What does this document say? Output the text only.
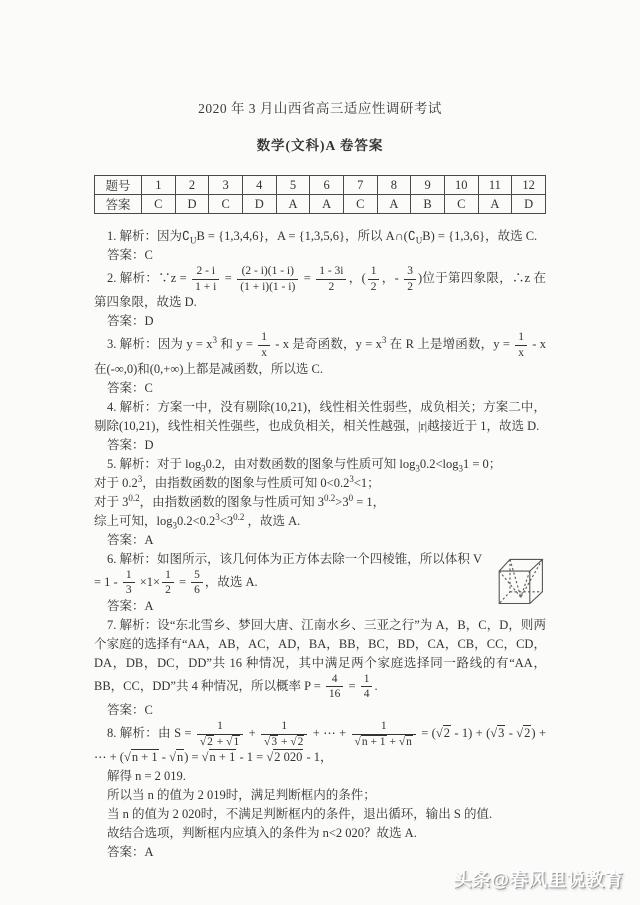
2020 年 3 月山西省高三适应性调研考试
数学(文科)A 卷答案
题号	1	2	3	4	5	6	7	8	9	10	11	12
答案	C	D	C	D	A	A	C	A	B	C	A	D
1. 解析：因为$∁_UB = \{1,3,4,6\}$，A = {1,3,5,6}，所以 $A\cap(∁_UB) = \{1,3,6\}$，故选 C.
答案：C
2. 解析：∵z = $\frac{2 - i}{1 + i} = \frac{(2 - i)(1 - i)}{(1 + i)(1 - i)} = \frac{1 - 3i}{2}$ ，( $\frac{1}{2}$ ，- $\frac{3}{2}$ )位于第四象限，∴z 在第四象限，故选 D.
答案：D
3. 解析：因为 $y = x^3$ 和 $y = \frac{1}{x} - x$ 是奇函数，$y = x^3$ 在 R 上是增函数，$y = \frac{1}{x} - x$ 在(-∞,0)和(0,+∞)上都是减函数，所以选 C.
答案：C
4. 解析：方案一中，没有剔除(10,21)，线性相关性弱些，成负相关；方案二中，剔除(10,21)，线性相关性强些，也成负相关，相关性越强，|r|越接近于 1，故选 D.
答案：D
5. 解析：对于 $\log_30.2$，由对数函数的图象与性质可知 $\log_30.2<\log_31 = 0$；
对于 $0.2^3$，由指数函数的图象与性质可知 $0<0.2^3<1$；
对于 $3^{0.2}$，由指数函数的图象与性质可知 $3^{0.2}>3^0 = 1$，
综上可知，$\log_30.2<0.2^3<3^{0.2}$ ，故选 A.
答案：A
6. 解析：如图所示，该几何体为正方体去除一个四棱锥，所以体积 $V = 1 - \frac{1}{3} \times 1\times \frac{1}{2} = \frac{5}{6}$ ，故选 A.
答案：A
7. 解析：设“东北雪乡、梦回大唐、江南水乡、三亚之行”为 A，B，C，D，则两个家庭的选择有“AA，AB，AC，AD，BA，BB，BC，BD，CA，CB，CC，CD，DA，DB，DC，DD”共 16 种情况，其中满足两个家庭选择同一路线的有“AA，BB，CC，DD”共 4 种情况，所以概率 $P = \frac{4}{16} = \frac{1}{4}$ .
答案：C
8. 解析：由 $S = \frac{1}{√2 + √1} + \frac{1}{√3 + √2}$ + ⋯ + $\frac{1}{√n + 1 + √n} = (√2 - 1) + (√3 - √2)$ + ⋯ + (√n + 1 - √n) = √n + 1 - 1 = √2 020 - 1，
解得 n = 2 019.
所以当 n 的值为 2 019时，满足判断框内的条件；
当 n 的值为 2 020时，不满足判断框内的条件，退出循环，输出 S 的值.
故结合选项，判断框内应填入的条件为 n<2 020？故选 A.
答案：A
头条@春风里说教育
